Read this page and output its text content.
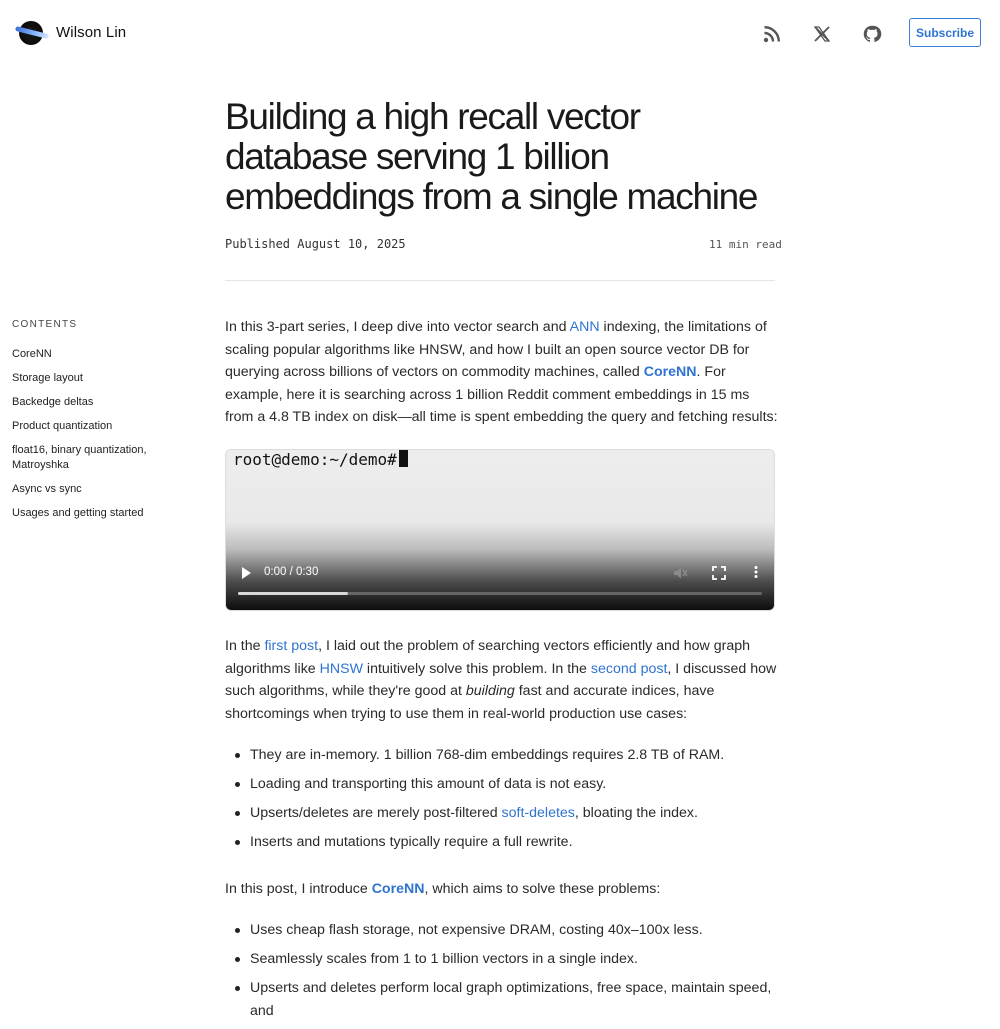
Wilson Lin	Subscribe
Building a high recall vector database serving 1 billion embeddings from a single machine
Published August 10, 2025	11 min read
CONTENTS
CoreNN
Storage layout
Backedge deltas
Product quantization
float16, binary quantization, Matroyshka
Async vs sync
Usages and getting started

In this 3-part series, I deep dive into vector search and ANN indexing, the limitations of scaling popular algorithms like HNSW, and how I built an open source vector DB for querying across billions of vectors on commodity machines, called CoreNN. For example, here it is searching across 1 billion Reddit comment embeddings in 15 ms from a 4.8 TB index on disk—all time is spent embedding the query and fetching results:

root@demo:~/demo#
0:00 / 0:30

In the first post, I laid out the problem of searching vectors efficiently and how graph algorithms like HNSW intuitively solve this problem. In the second post, I discussed how such algorithms, while they're good at building fast and accurate indices, have shortcomings when trying to use them in real-world production use cases:

They are in-memory. 1 billion 768-dim embeddings requires 2.8 TB of RAM.
Loading and transporting this amount of data is not easy.
Upserts/deletes are merely post-filtered soft-deletes, bloating the index.
Inserts and mutations typically require a full rewrite.

In this post, I introduce CoreNN, which aims to solve these problems:

Uses cheap flash storage, not expensive DRAM, costing 40x–100x less.
Seamlessly scales from 1 to 1 billion vectors in a single index.
Upserts and deletes perform local graph optimizations, free space, maintain speed, and
